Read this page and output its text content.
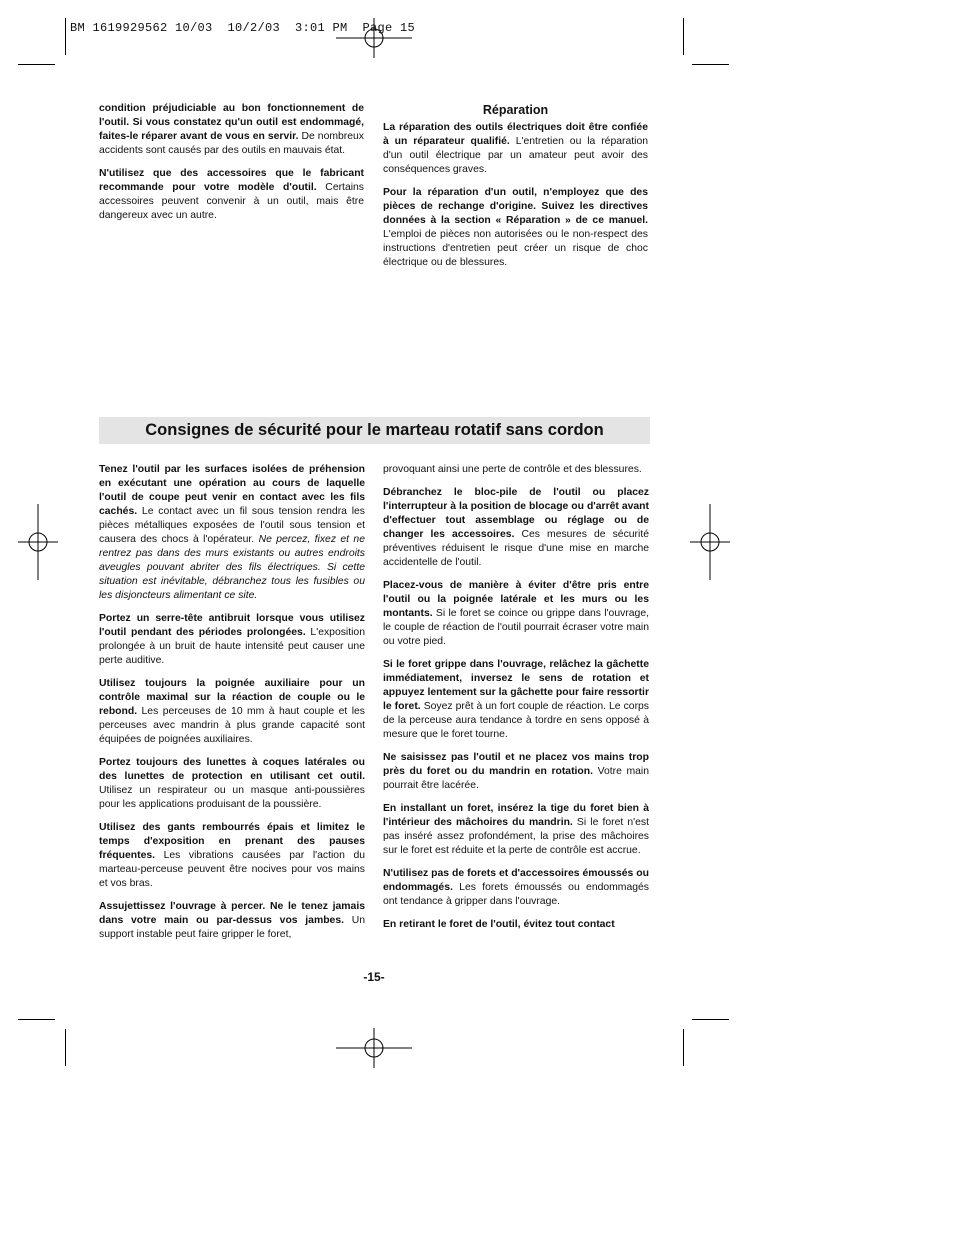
BM 1619929562 10/03  10/2/03  3:01 PM  Page 15

condition préjudiciable au bon fonctionnement de l'outil. Si vous constatez qu'un outil est endommagé, faites-le réparer avant de vous en servir. De nombreux accidents sont causés par des outils en mauvais état.

N'utilisez que des accessoires que le fabricant recommande pour votre modèle d'outil. Certains accessoires peuvent convenir à un outil, mais être dangereux avec un autre.

Réparation

La réparation des outils électriques doit être confiée à un réparateur qualifié. L'entretien ou la réparation d'un outil électrique par un amateur peut avoir des conséquences graves.

Pour la réparation d'un outil, n'employez que des pièces de rechange d'origine. Suivez les directives données à la section « Réparation » de ce manuel. L'emploi de pièces non autorisées ou le non-respect des instructions d'entretien peut créer un risque de choc électrique ou de blessures.

Consignes de sécurité pour le marteau rotatif sans cordon

Tenez l'outil par les surfaces isolées de préhension en exécutant une opération au cours de laquelle l'outil de coupe peut venir en contact avec les fils cachés. Le contact avec un fil sous tension rendra les pièces métalliques exposées de l'outil sous tension et causera des chocs à l'opérateur. Ne percez, fixez et ne rentrez pas dans des murs existants ou autres endroits aveugles pouvant abriter des fils électriques. Si cette situation est inévitable, débranchez tous les fusibles ou les disjoncteurs alimentant ce site.

Portez un serre-tête antibruit lorsque vous utilisez l'outil pendant des périodes prolongées. L'exposition prolongée à un bruit de haute intensité peut causer une perte auditive.

Utilisez toujours la poignée auxiliaire pour un contrôle maximal sur la réaction de couple ou le rebond. Les perceuses de 10 mm à haut couple et les perceuses avec mandrin à plus grande capacité sont équipées de poignées auxiliaires.

Portez toujours des lunettes à coques latérales ou des lunettes de protection en utilisant cet outil. Utilisez un respirateur ou un masque anti-poussières pour les applications produisant de la poussière.

Utilisez des gants rembourrés épais et limitez le temps d'exposition en prenant des pauses fréquentes. Les vibrations causées par l'action du marteau-perceuse peuvent être nocives pour vos mains et vos bras.

Assujettissez l'ouvrage à percer. Ne le tenez jamais dans votre main ou par-dessus vos jambes. Un support instable peut faire gripper le foret,

provoquant ainsi une perte de contrôle et des blessures.

Débranchez le bloc-pile de l'outil ou placez l'interrupteur à la position de blocage ou d'arrêt avant d'effectuer tout assemblage ou réglage ou de changer les accessoires. Ces mesures de sécurité préventives réduisent le risque d'une mise en marche accidentelle de l'outil.

Placez-vous de manière à éviter d'être pris entre l'outil ou la poignée latérale et les murs ou les montants. Si le foret se coince ou grippe dans l'ouvrage, le couple de réaction de l'outil pourrait écraser votre main ou votre pied.

Si le foret grippe dans l'ouvrage, relâchez la gâchette immédiatement, inversez le sens de rotation et appuyez lentement sur la gâchette pour faire ressortir le foret. Soyez prêt à un fort couple de réaction. Le corps de la perceuse aura tendance à tordre en sens opposé à mesure que le foret tourne.

Ne saisissez pas l'outil et ne placez vos mains trop près du foret ou du mandrin en rotation. Votre main pourrait être lacérée.

En installant un foret, insérez la tige du foret bien à l'intérieur des mâchoires du mandrin. Si le foret n'est pas inséré assez profondément, la prise des mâchoires sur le foret est réduite et la perte de contrôle est accrue.

N'utilisez pas de forets et d'accessoires émoussés ou endommagés. Les forets émoussés ou endommagés ont tendance à gripper dans l'ouvrage.

En retirant le foret de l'outil, évitez tout contact

-15-
